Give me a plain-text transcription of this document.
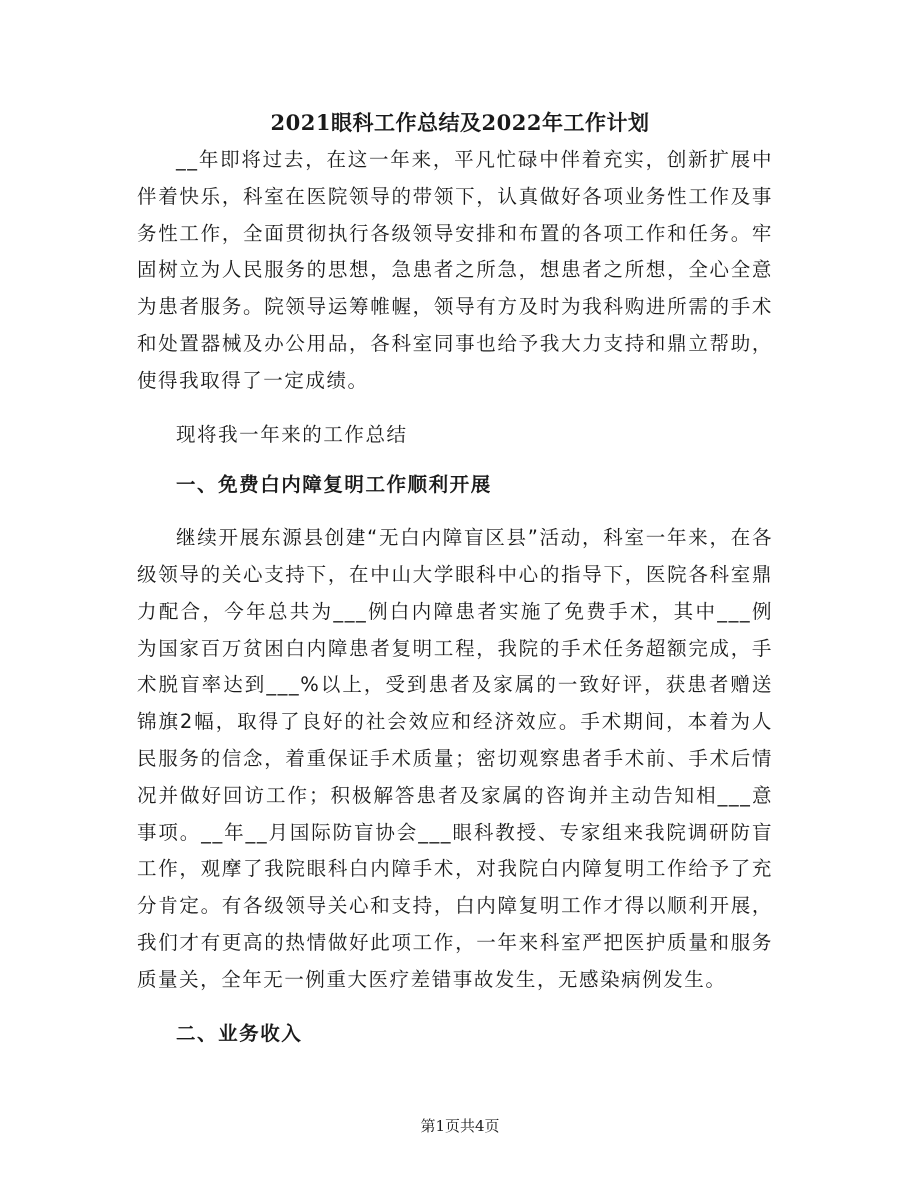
2021眼科工作总结及2022年工作计划

__年即将过去，在这一年来，平凡忙碌中伴着充实，创新扩展中伴着快乐，科室在医院领导的带领下，认真做好各项业务性工作及事务性工作，全面贯彻执行各级领导安排和布置的各项工作和任务。牢固树立为人民服务的思想，急患者之所急，想患者之所想，全心全意为患者服务。院领导运筹帷幄，领导有方及时为我科购进所需的手术和处置器械及办公用品，各科室同事也给予我大力支持和鼎立帮助，使得我取得了一定成绩。

现将我一年来的工作总结

一、免费白内障复明工作顺利开展

继续开展东源县创建“无白内障盲区县”活动，科室一年来，在各级领导的关心支持下，在中山大学眼科中心的指导下，医院各科室鼎力配合，今年总共为___例白内障患者实施了免费手术，其中___例为国家百万贫困白内障患者复明工程，我院的手术任务超额完成，手术脱盲率达到___%以上，受到患者及家属的一致好评，获患者赠送锦旗2幅，取得了良好的社会效应和经济效应。手术期间，本着为人民服务的信念，着重保证手术质量；密切观察患者手术前、手术后情况并做好回访工作；积极解答患者及家属的咨询并主动告知相___意事项。__年__月国际防盲协会___眼科教授、专家组来我院调研防盲工作，观摩了我院眼科白内障手术，对我院白内障复明工作给予了充分肯定。有各级领导关心和支持，白内障复明工作才得以顺利开展，我们才有更高的热情做好此项工作，一年来科室严把医护质量和服务质量关，全年无一例重大医疗差错事故发生，无感染病例发生。

二、业务收入

第1页共4页
